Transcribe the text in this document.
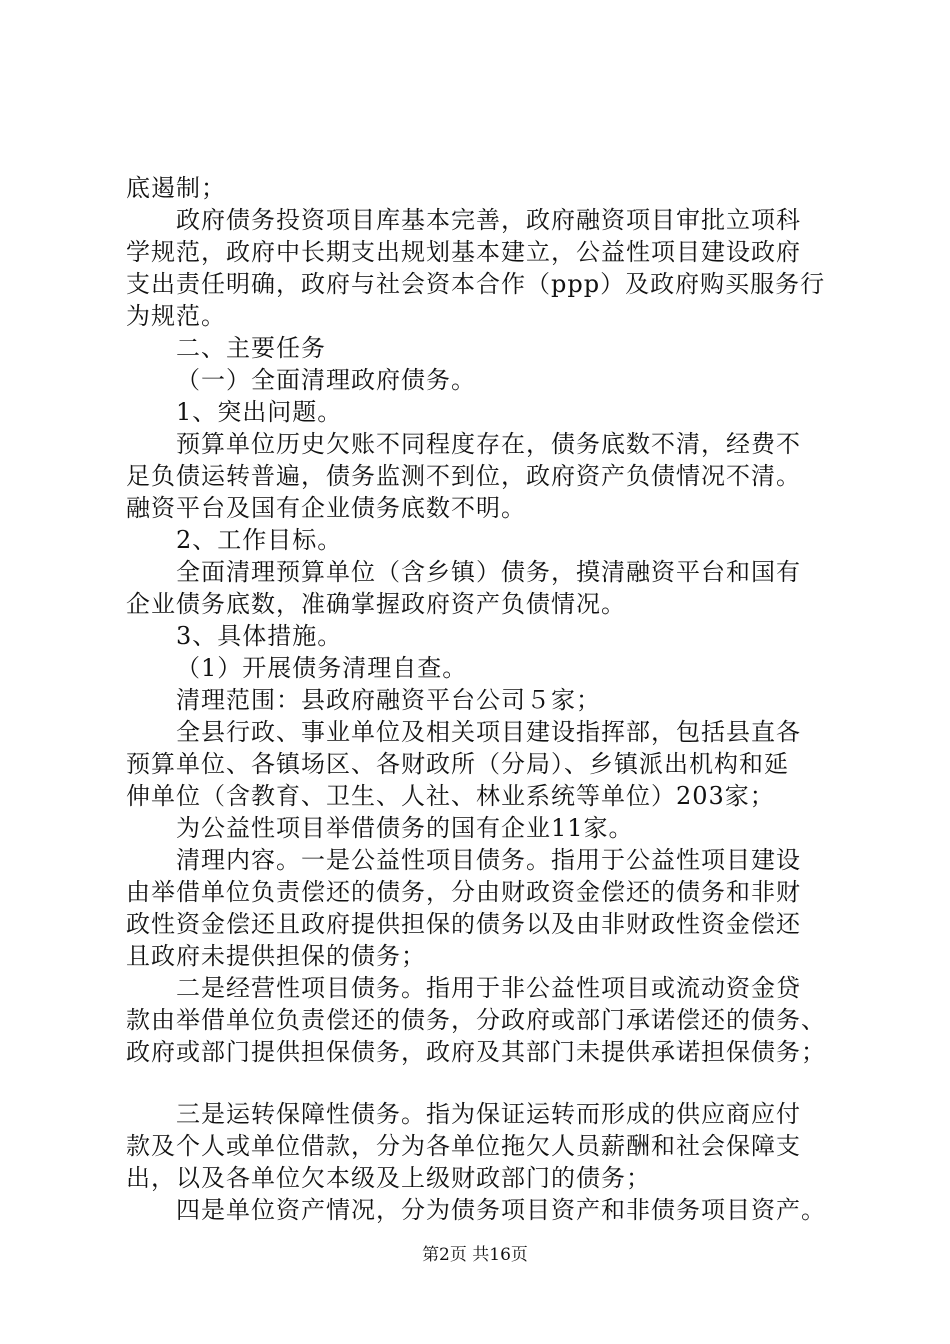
底遏制；
政府债务投资项目库基本完善，政府融资项目审批立项科
学规范，政府中长期支出规划基本建立，公益性项目建设政府
支出责任明确，政府与社会资本合作（ppp）及政府购买服务行
为规范。
二、主要任务
（一）全面清理政府债务。
1、突出问题。
预算单位历史欠账不同程度存在，债务底数不清，经费不
足负债运转普遍，债务监测不到位，政府资产负债情况不清。
融资平台及国有企业债务底数不明。
2、工作目标。
全面清理预算单位（含乡镇）债务，摸清融资平台和国有
企业债务底数，准确掌握政府资产负债情况。
3、具体措施。
（1）开展债务清理自查。
清理范围：县政府融资平台公司５家；
全县行政、事业单位及相关项目建设指挥部，包括县直各
预算单位、各镇场区、各财政所（分局）、乡镇派出机构和延
伸单位（含教育、卫生、人社、林业系统等单位）203家；
为公益性项目举借债务的国有企业11家。
清理内容。一是公益性项目债务。指用于公益性项目建设
由举借单位负责偿还的债务，分由财政资金偿还的债务和非财
政性资金偿还且政府提供担保的债务以及由非财政性资金偿还
且政府未提供担保的债务；
二是经营性项目债务。指用于非公益性项目或流动资金贷
款由举借单位负责偿还的债务，分政府或部门承诺偿还的债务、
政府或部门提供担保债务，政府及其部门未提供承诺担保债务；
三是运转保障性债务。指为保证运转而形成的供应商应付
款及个人或单位借款，分为各单位拖欠人员薪酬和社会保障支
出，以及各单位欠本级及上级财政部门的债务；
四是单位资产情况，分为债务项目资产和非债务项目资产。
第2页 共16页
